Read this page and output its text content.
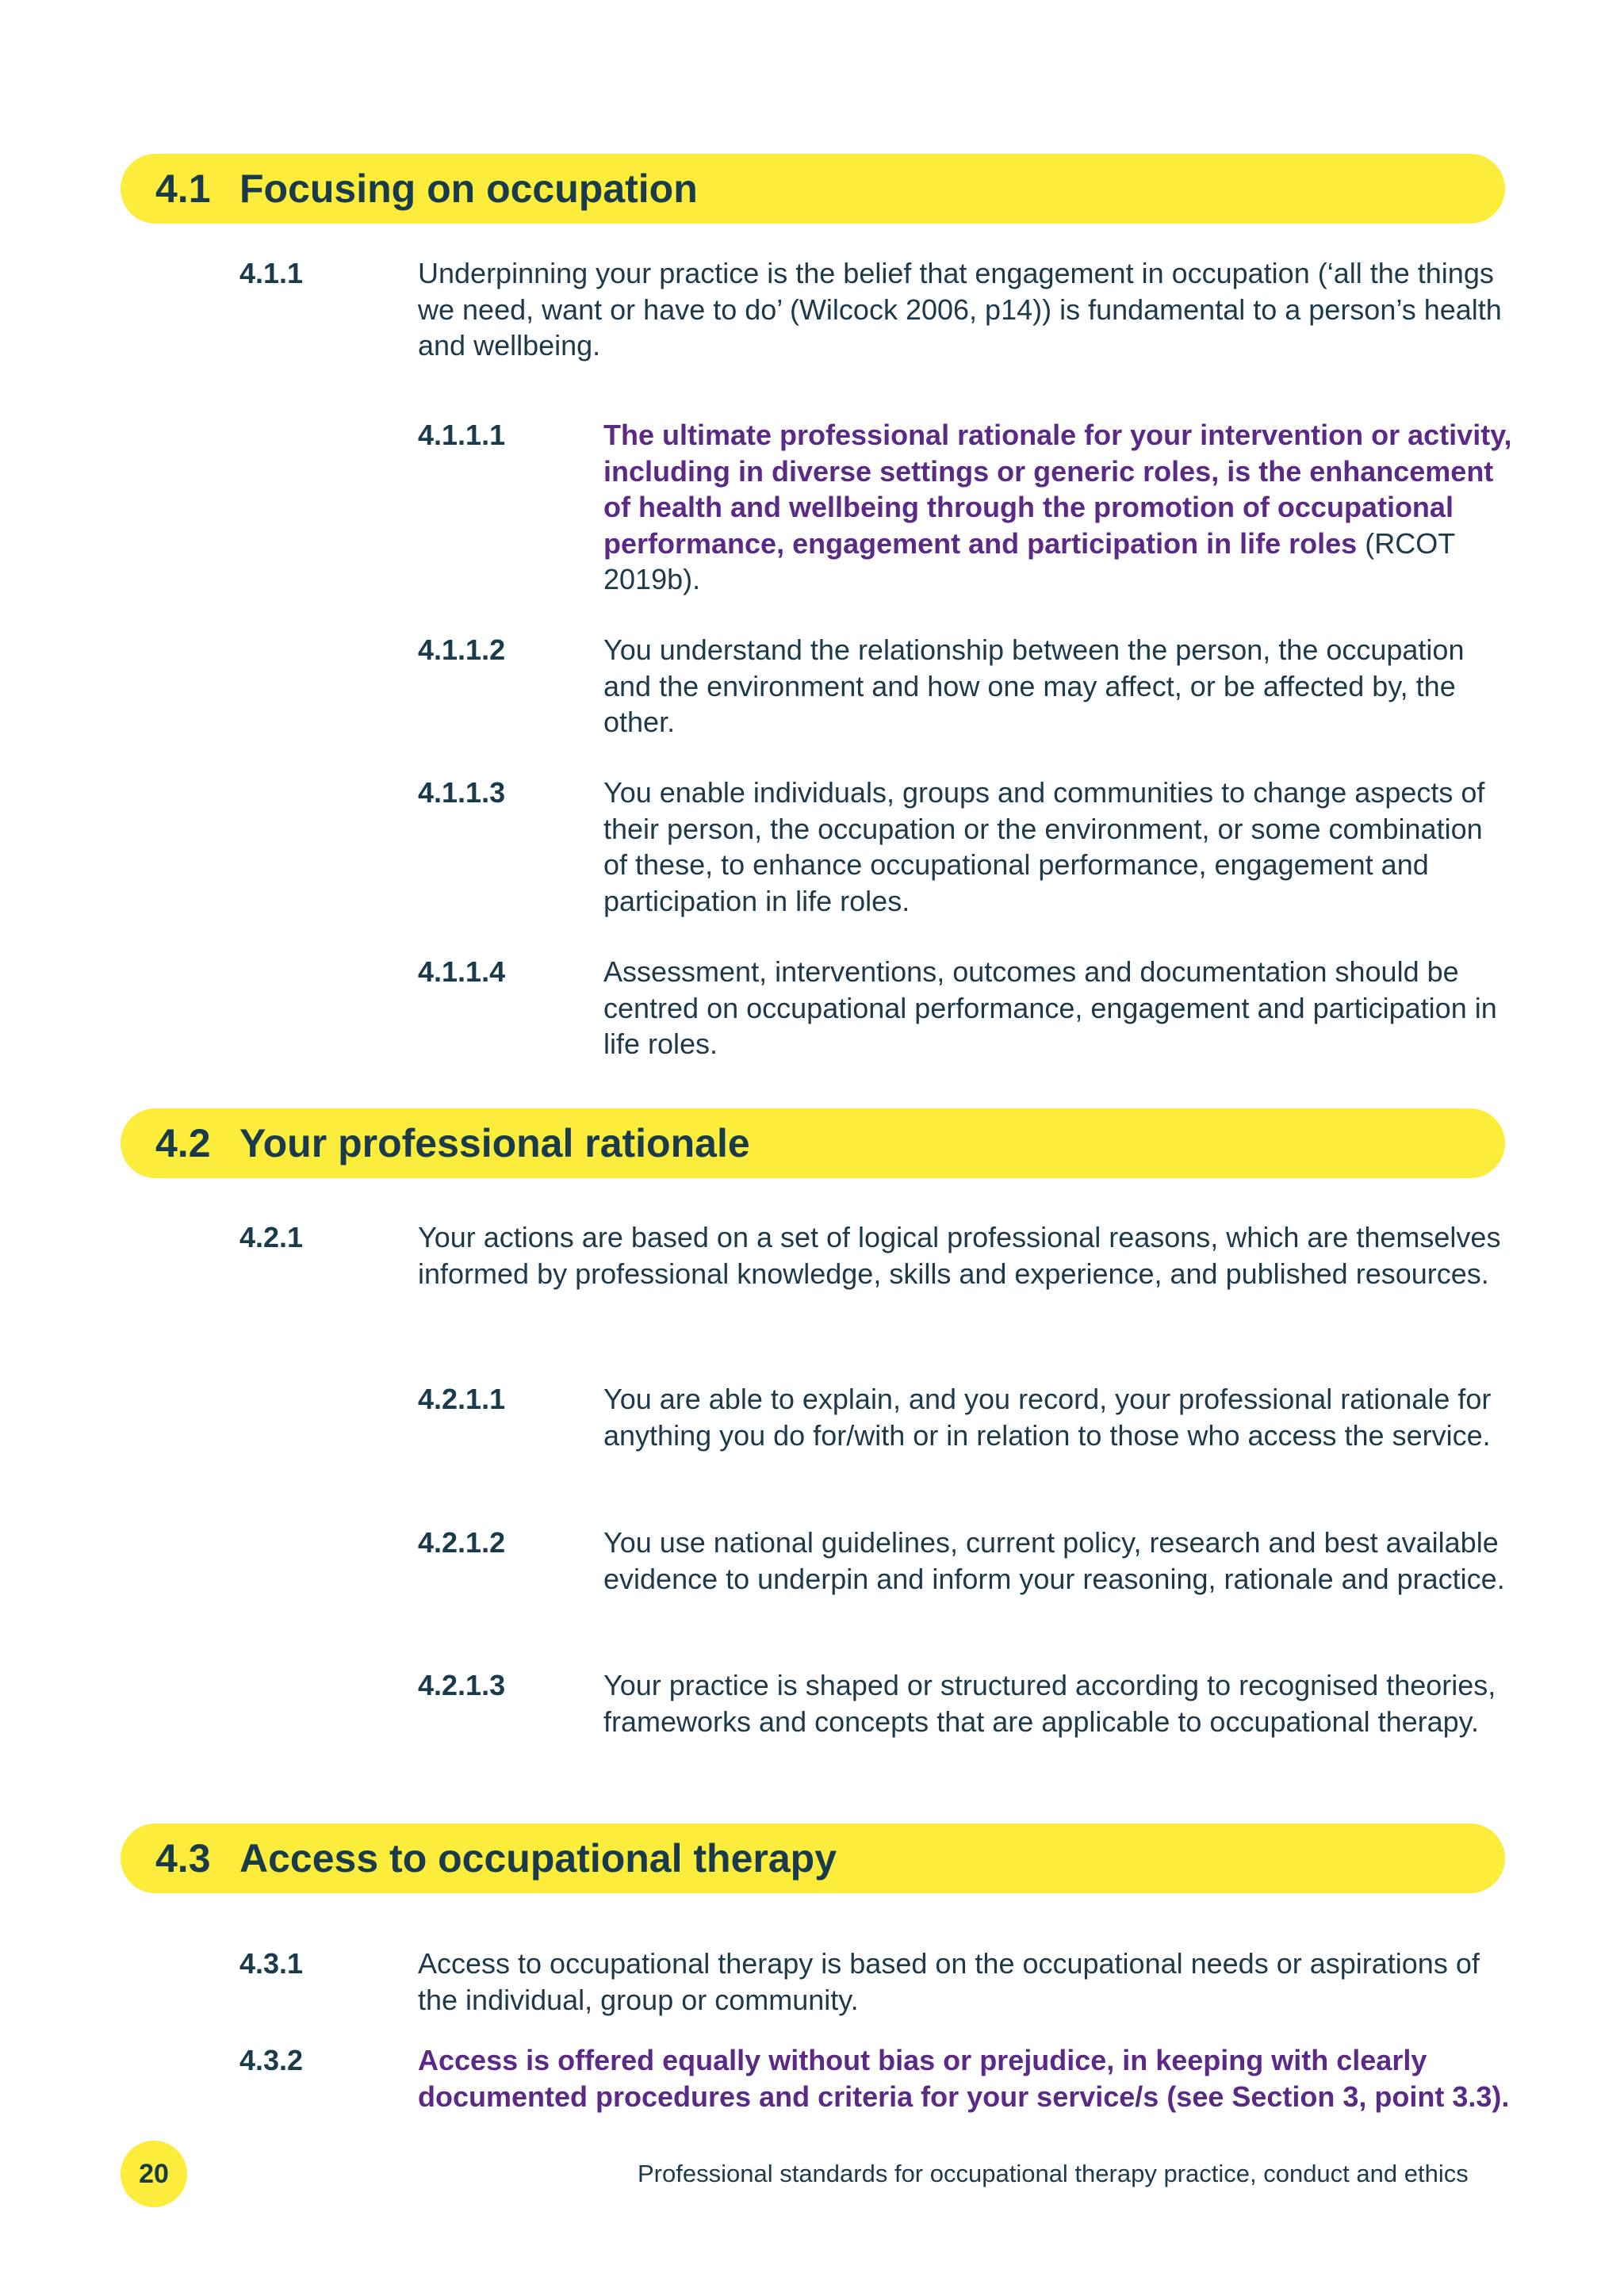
4.1 Focusing on occupation
4.1.1	Underpinning your practice is the belief that engagement in occupation (‘all the things we need, want or have to do’ (Wilcock 2006, p14)) is fundamental to a person’s health and wellbeing.
4.1.1.1	The ultimate professional rationale for your intervention or activity, including in diverse settings or generic roles, is the enhancement of health and wellbeing through the promotion of occupational performance, engagement and participation in life roles (RCOT 2019b).
4.1.1.2	You understand the relationship between the person, the occupation and the environment and how one may affect, or be affected by, the other.
4.1.1.3	You enable individuals, groups and communities to change aspects of their person, the occupation or the environment, or some combination of these, to enhance occupational performance, engagement and participation in life roles.
4.1.1.4	Assessment, interventions, outcomes and documentation should be centred on occupational performance, engagement and participation in life roles.
4.2 Your professional rationale
4.2.1	Your actions are based on a set of logical professional reasons, which are themselves informed by professional knowledge, skills and experience, and published resources.
4.2.1.1	You are able to explain, and you record, your professional rationale for anything you do for/with or in relation to those who access the service.
4.2.1.2	You use national guidelines, current policy, research and best available evidence to underpin and inform your reasoning, rationale and practice.
4.2.1.3	Your practice is shaped or structured according to recognised theories, frameworks and concepts that are applicable to occupational therapy.
4.3 Access to occupational therapy
4.3.1	Access to occupational therapy is based on the occupational needs or aspirations of the individual, group or community.
4.3.2	Access is offered equally without bias or prejudice, in keeping with clearly documented procedures and criteria for your service/s (see Section 3, point 3.3).
20	Professional standards for occupational therapy practice, conduct and ethics
